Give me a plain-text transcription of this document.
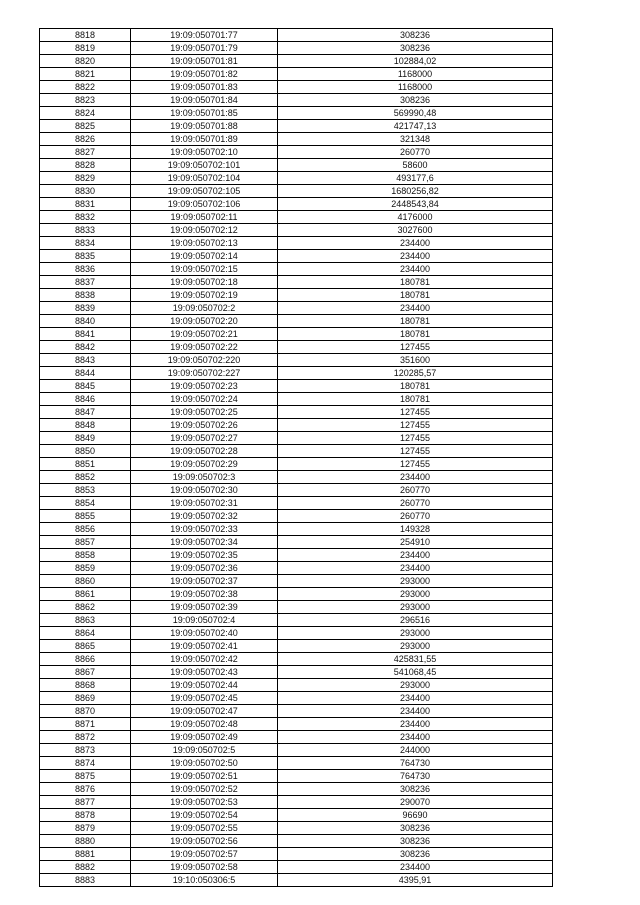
8818	19:09:050701:77	308236
8819	19:09:050701:79	308236
8820	19:09:050701:81	102884,02
8821	19:09:050701:82	1168000
8822	19:09:050701:83	1168000
8823	19:09:050701:84	308236
8824	19:09:050701:85	569990,48
8825	19:09:050701:88	421747,13
8826	19:09:050701:89	321348
8827	19:09:050702:10	260770
8828	19:09:050702:101	58600
8829	19:09:050702:104	493177,6
8830	19:09:050702:105	1680256,82
8831	19:09:050702:106	2448543,84
8832	19:09:050702:11	4176000
8833	19:09:050702:12	3027600
8834	19:09:050702:13	234400
8835	19:09:050702:14	234400
8836	19:09:050702:15	234400
8837	19:09:050702:18	180781
8838	19:09:050702:19	180781
8839	19:09:050702:2	234400
8840	19:09:050702:20	180781
8841	19:09:050702:21	180781
8842	19:09:050702:22	127455
8843	19:09:050702:220	351600
8844	19:09:050702:227	120285,57
8845	19:09:050702:23	180781
8846	19:09:050702:24	180781
8847	19:09:050702:25	127455
8848	19:09:050702:26	127455
8849	19:09:050702:27	127455
8850	19:09:050702:28	127455
8851	19:09:050702:29	127455
8852	19:09:050702:3	234400
8853	19:09:050702:30	260770
8854	19:09:050702:31	260770
8855	19:09:050702:32	260770
8856	19:09:050702:33	149328
8857	19:09:050702:34	254910
8858	19:09:050702:35	234400
8859	19:09:050702:36	234400
8860	19:09:050702:37	293000
8861	19:09:050702:38	293000
8862	19:09:050702:39	293000
8863	19:09:050702:4	296516
8864	19:09:050702:40	293000
8865	19:09:050702:41	293000
8866	19:09:050702:42	425831,55
8867	19:09:050702:43	541068,45
8868	19:09:050702:44	293000
8869	19:09:050702:45	234400
8870	19:09:050702:47	234400
8871	19:09:050702:48	234400
8872	19:09:050702:49	234400
8873	19:09:050702:5	244000
8874	19:09:050702:50	764730
8875	19:09:050702:51	764730
8876	19:09:050702:52	308236
8877	19:09:050702:53	290070
8878	19:09:050702:54	96690
8879	19:09:050702:55	308236
8880	19:09:050702:56	308236
8881	19:09:050702:57	308236
8882	19:09:050702:58	234400
8883	19:10:050306:5	4395,91
